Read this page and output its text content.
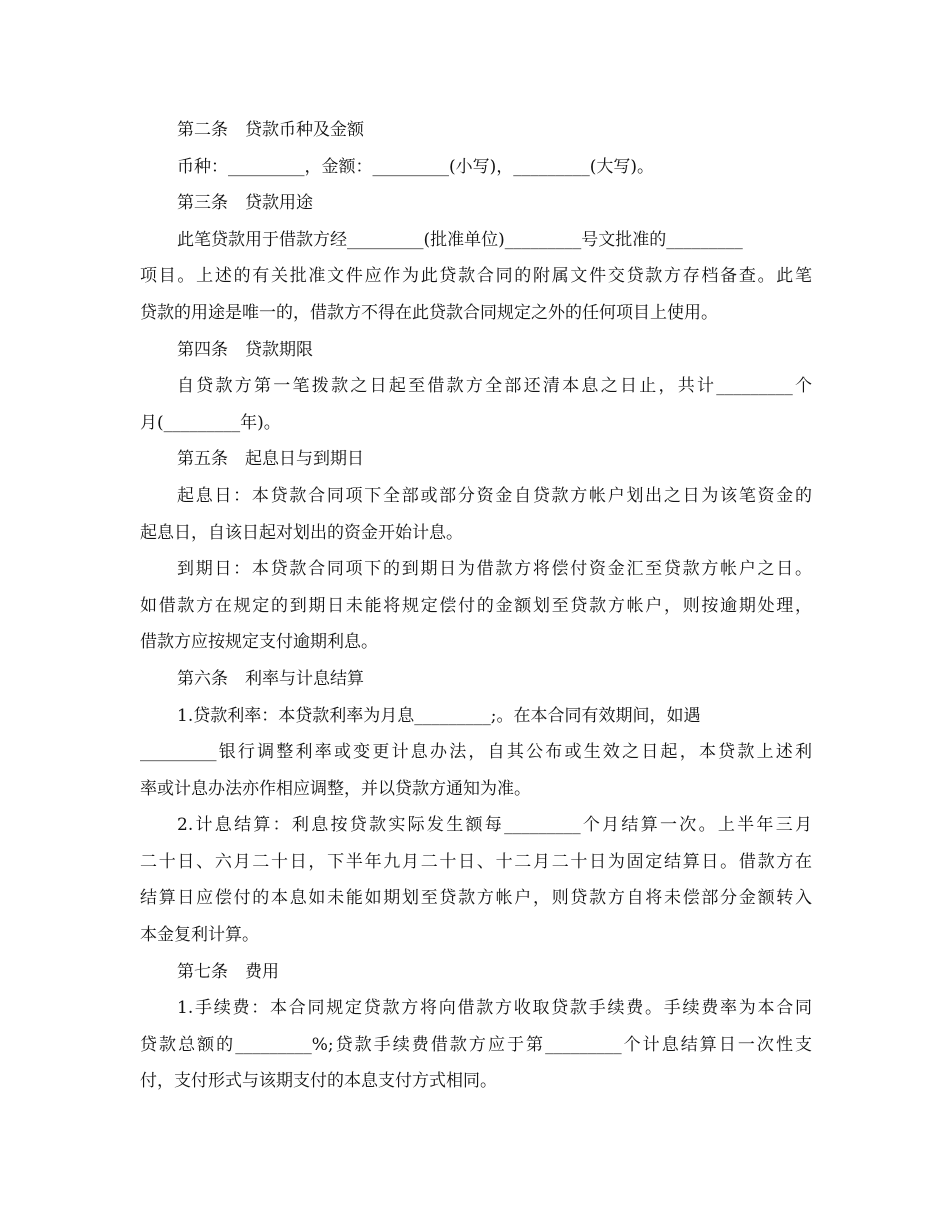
第二条　贷款币种及金额
币种：_________，金额：_________(小写)，_________(大写)。
第三条　贷款用途
此笔贷款用于借款方经_________(批准单位)_________号文批准的_________
项目。上述的有关批准文件应作为此贷款合同的附属文件交贷款方存档备查。此笔
贷款的用途是唯一的，借款方不得在此贷款合同规定之外的任何项目上使用。
第四条　贷款期限
自贷款方第一笔拨款之日起至借款方全部还清本息之日止，共计_________个
月(_________年)。
第五条　起息日与到期日
起息日：本贷款合同项下全部或部分资金自贷款方帐户划出之日为该笔资金的
起息日，自该日起对划出的资金开始计息。
到期日：本贷款合同项下的到期日为借款方将偿付资金汇至贷款方帐户之日。
如借款方在规定的到期日未能将规定偿付的金额划至贷款方帐户，则按逾期处理，
借款方应按规定支付逾期利息。
第六条　利率与计息结算
1.贷款利率：本贷款利率为月息_________;。在本合同有效期间，如遇
_________银行调整利率或变更计息办法，自其公布或生效之日起，本贷款上述利
率或计息办法亦作相应调整，并以贷款方通知为准。
2.计息结算：利息按贷款实际发生额每_________个月结算一次。上半年三月
二十日、六月二十日，下半年九月二十日、十二月二十日为固定结算日。借款方在
结算日应偿付的本息如未能如期划至贷款方帐户，则贷款方自将未偿部分金额转入
本金复利计算。
第七条　费用
1.手续费：本合同规定贷款方将向借款方收取贷款手续费。手续费率为本合同
贷款总额的_________%;贷款手续费借款方应于第_________个计息结算日一次性支
付，支付形式与该期支付的本息支付方式相同。
